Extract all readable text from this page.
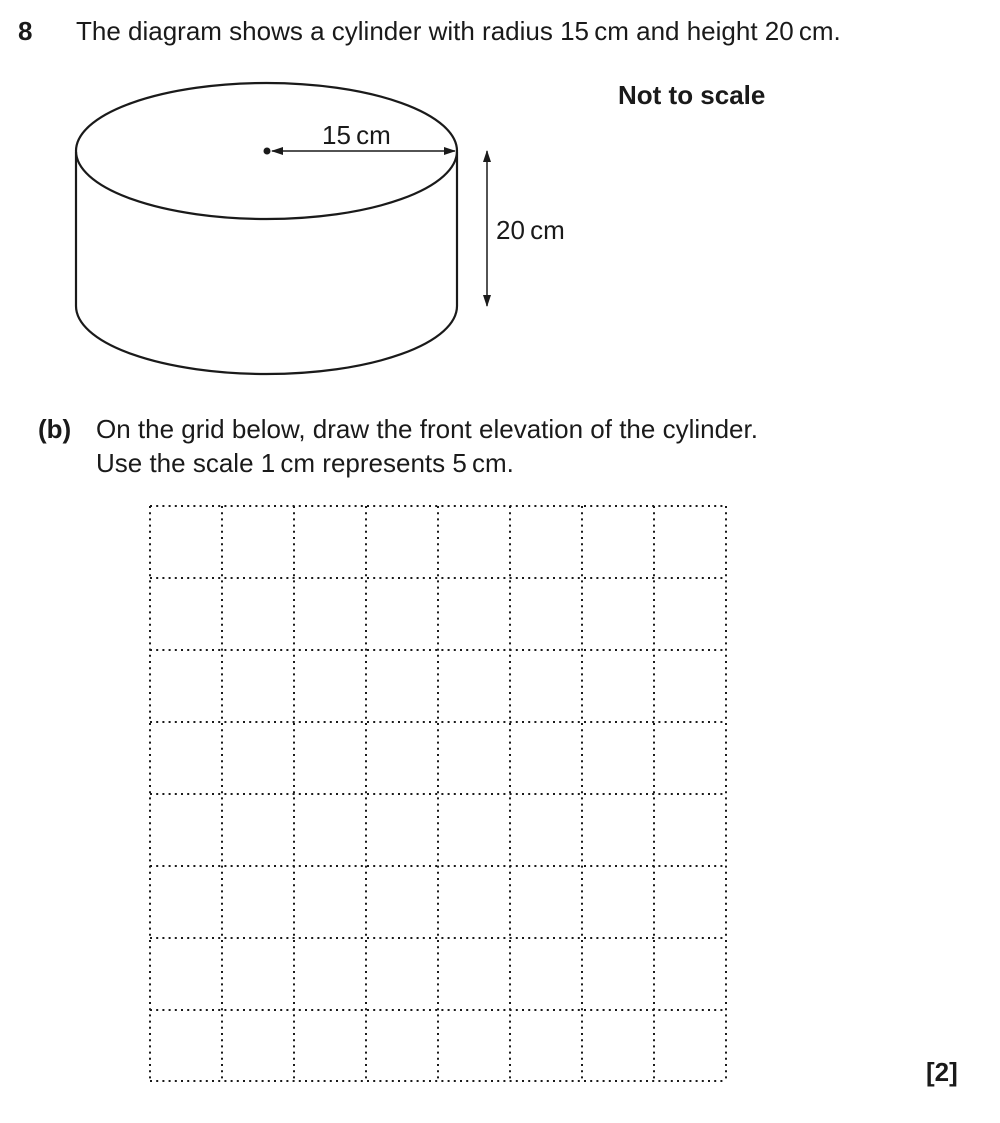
8 The diagram shows a cylinder with radius 15 cm and height 20 cm.
Not to scale
15 cm
20 cm
(b) On the grid below, draw the front elevation of the cylinder.
Use the scale 1 cm represents 5 cm.
[2]
